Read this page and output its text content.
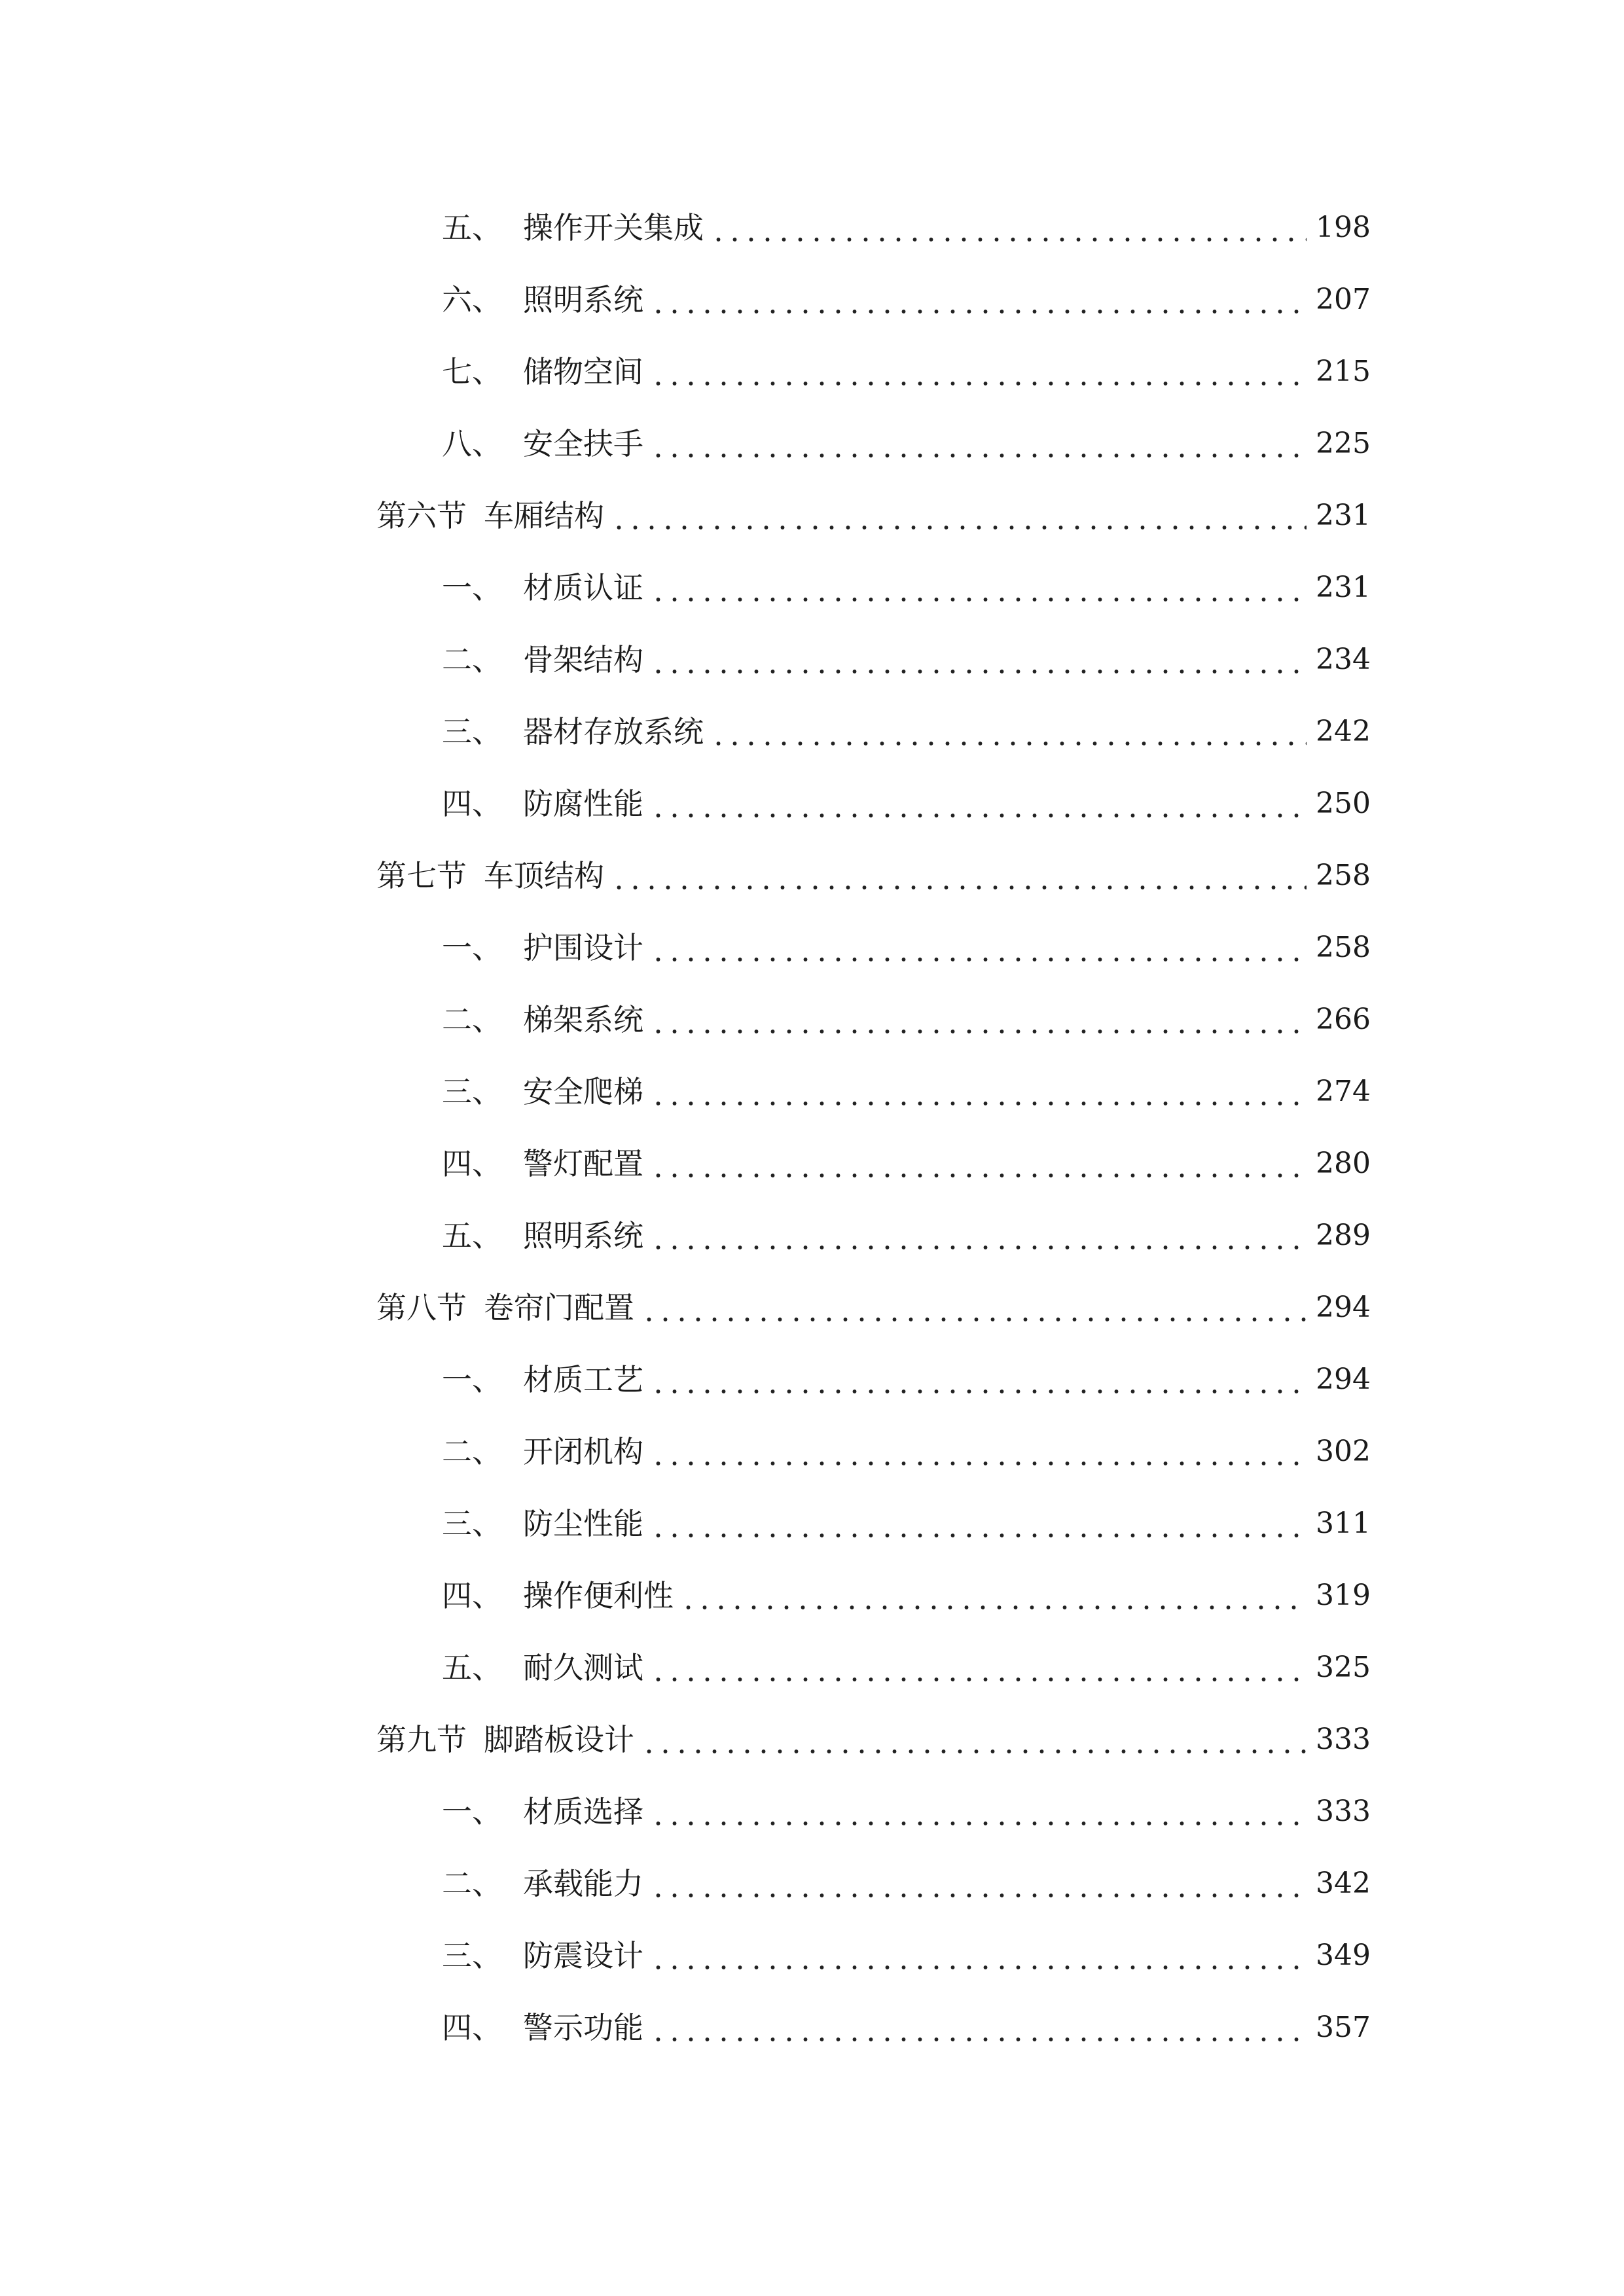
五、 操作开关集成	198
六、 照明系统	207
七、 储物空间	215
八、 安全扶手	225
第六节 车厢结构	231
一、 材质认证	231
二、 骨架结构	234
三、 器材存放系统	242
四、 防腐性能	250
第七节 车顶结构	258
一、 护围设计	258
二、 梯架系统	266
三、 安全爬梯	274
四、 警灯配置	280
五、 照明系统	289
第八节 卷帘门配置	294
一、 材质工艺	294
二、 开闭机构	302
三、 防尘性能	311
四、 操作便利性	319
五、 耐久测试	325
第九节 脚踏板设计	333
一、 材质选择	333
二、 承载能力	342
三、 防震设计	349
四、 警示功能	357
